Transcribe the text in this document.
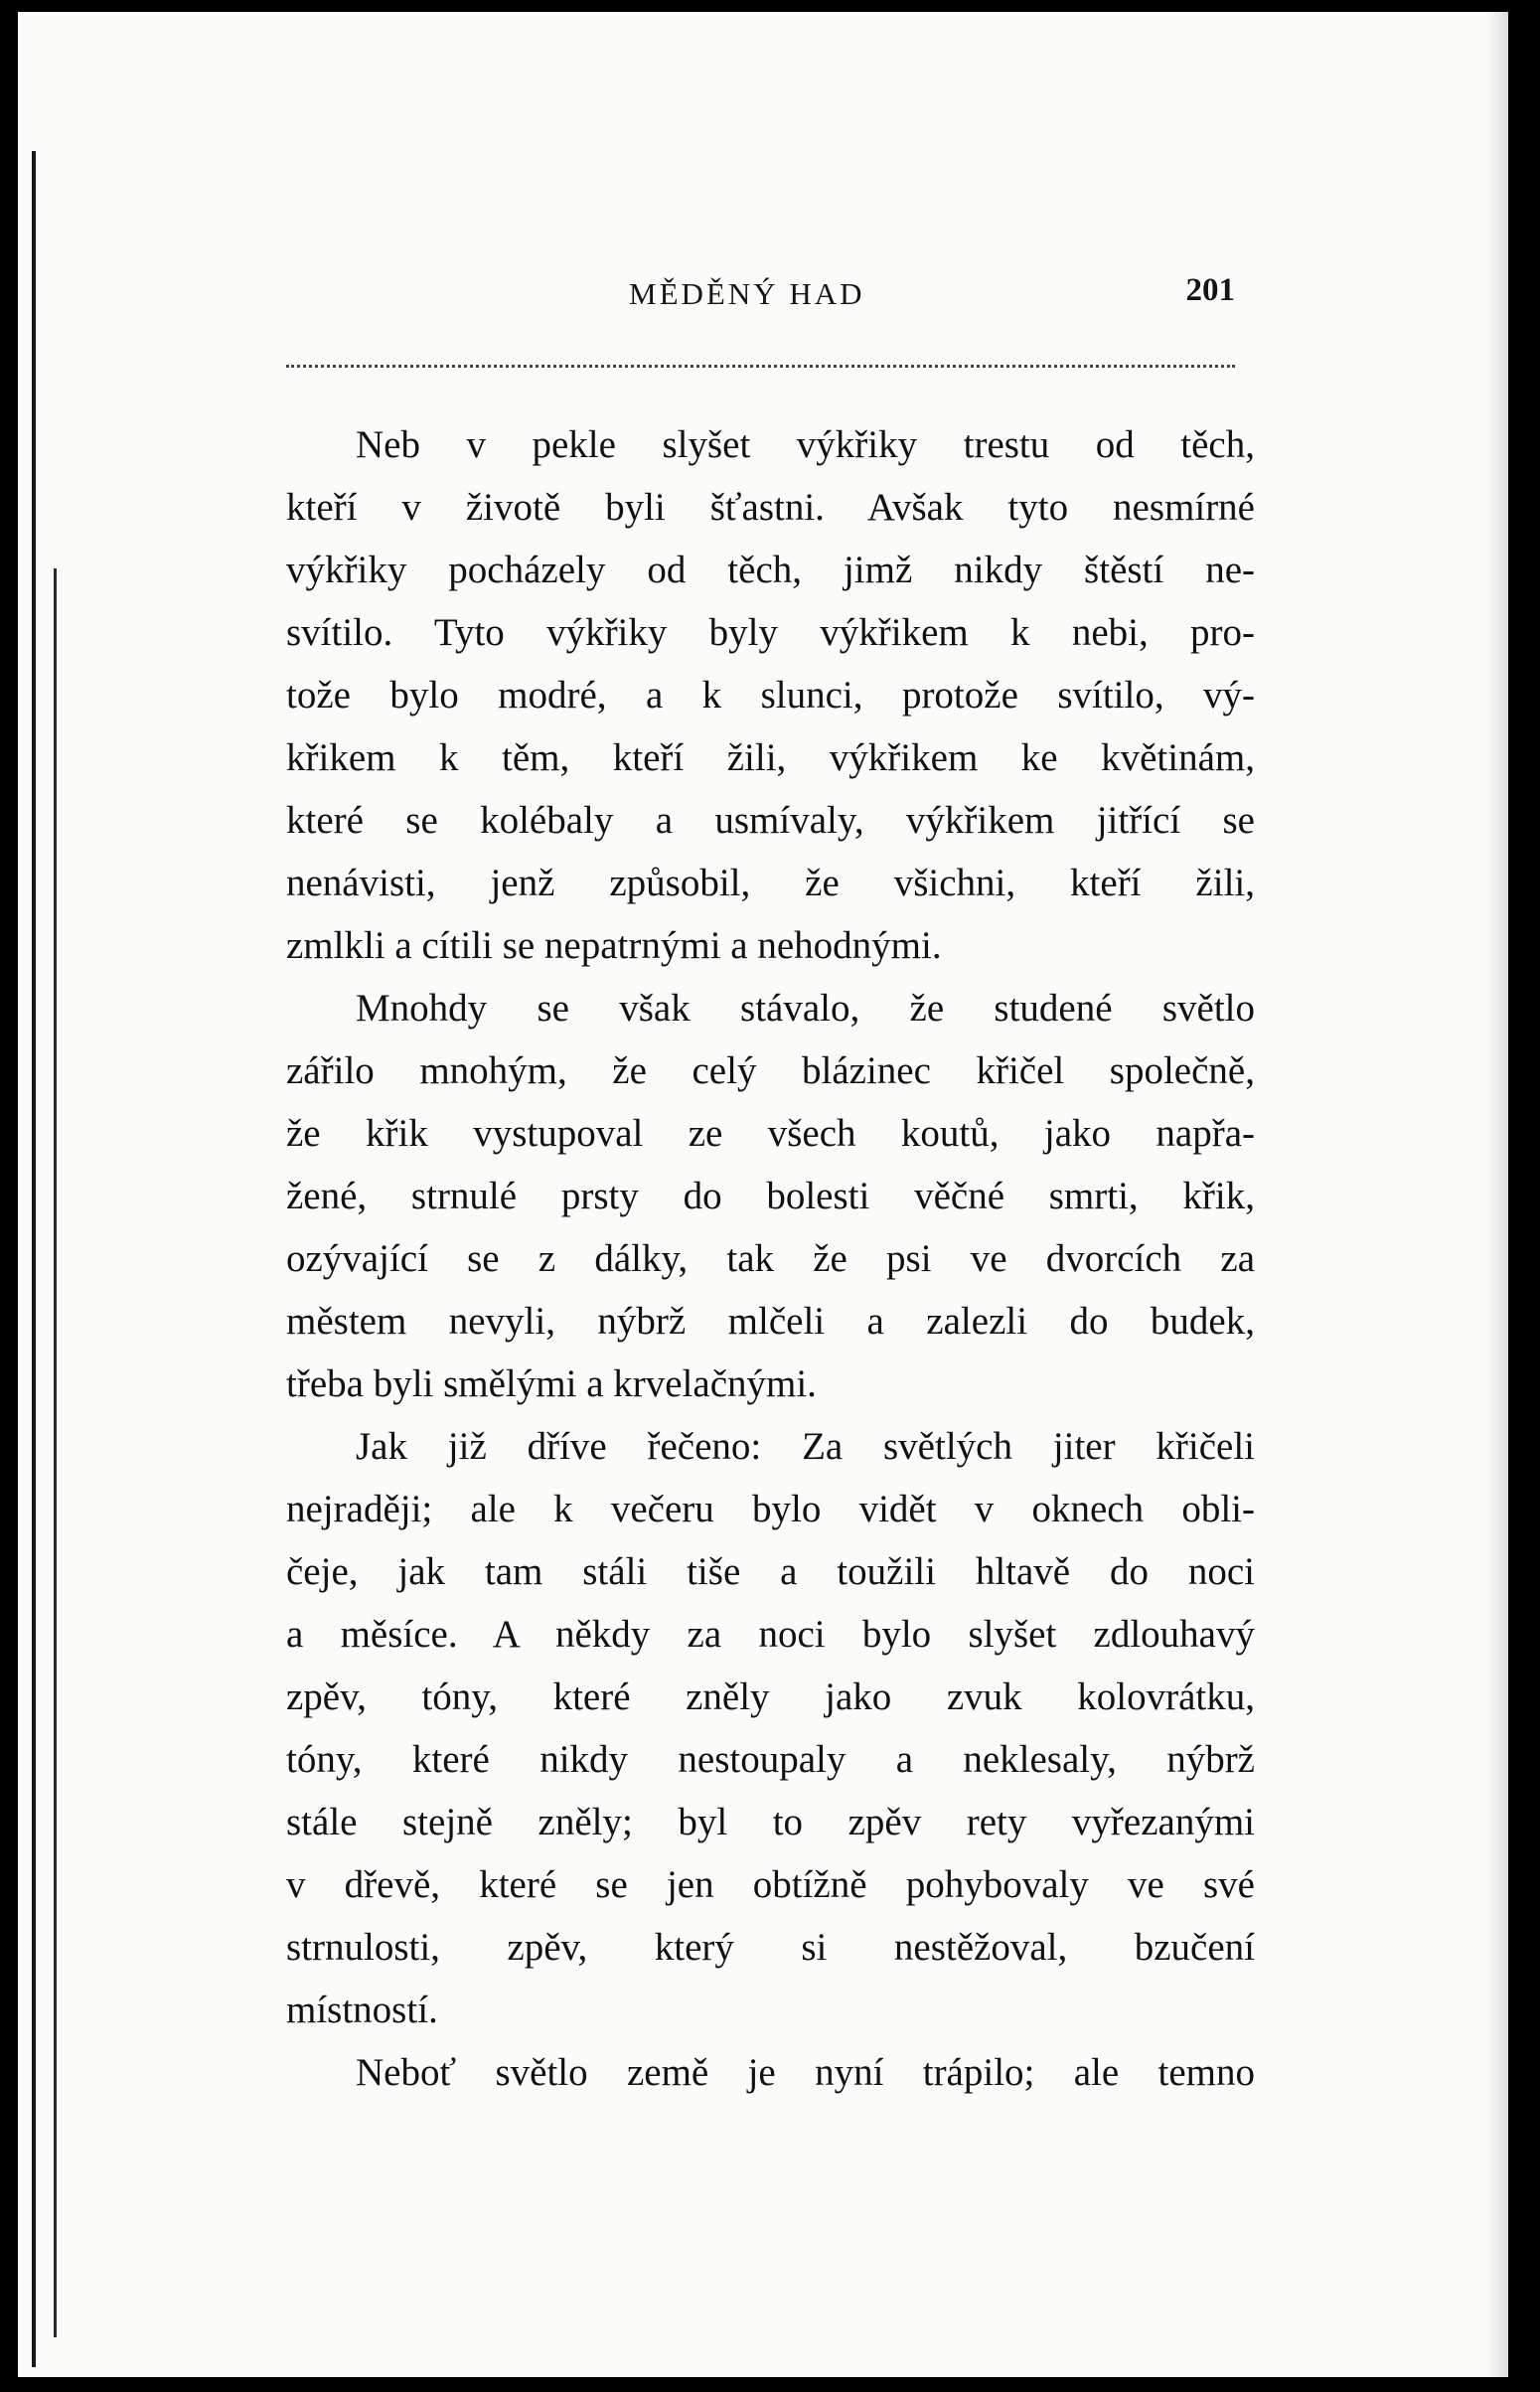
MĚDĚNÝ HAD	201
Neb v pekle slyšet výkřiky trestu od těch,
kteří v životě byli šťastni. Avšak tyto nesmírné
výkřiky pocházely od těch, jimž nikdy štěstí ne-
svítilo. Tyto výkřiky byly výkřikem k nebi, pro-
tože bylo modré, a k slunci, protože svítilo, vý-
křikem k těm, kteří žili, výkřikem ke květinám,
které se kolébaly a usmívaly, výkřikem jitřící se
nenávisti, jenž způsobil, že všichni, kteří žili,
zmlkli a cítili se nepatrnými a nehodnými.
Mnohdy se však stávalo, že studené světlo
zářilo mnohým, že celý blázinec křičel společně,
že křik vystupoval ze všech koutů, jako napřa-
žené, strnulé prsty do bolesti věčné smrti, křik,
ozývající se z dálky, tak že psi ve dvorcích za
městem nevyli, nýbrž mlčeli a zalezli do budek,
třeba byli smělými a krvelačnými.
Jak již dříve řečeno: Za světlých jiter křičeli
nejraději; ale k večeru bylo vidět v oknech obli-
čeje, jak tam stáli tiše a toužili hltavě do noci
a měsíce. A někdy za noci bylo slyšet zdlouhavý
zpěv, tóny, které zněly jako zvuk kolovrátku,
tóny, které nikdy nestoupaly a neklesaly, nýbrž
stále stejně zněly; byl to zpěv rety vyřezanými
v dřevě, které se jen obtížně pohybovaly ve své
strnulosti, zpěv, který si nestěžoval, bzučení
místností.
Neboť světlo země je nyní trápilo; ale temno
